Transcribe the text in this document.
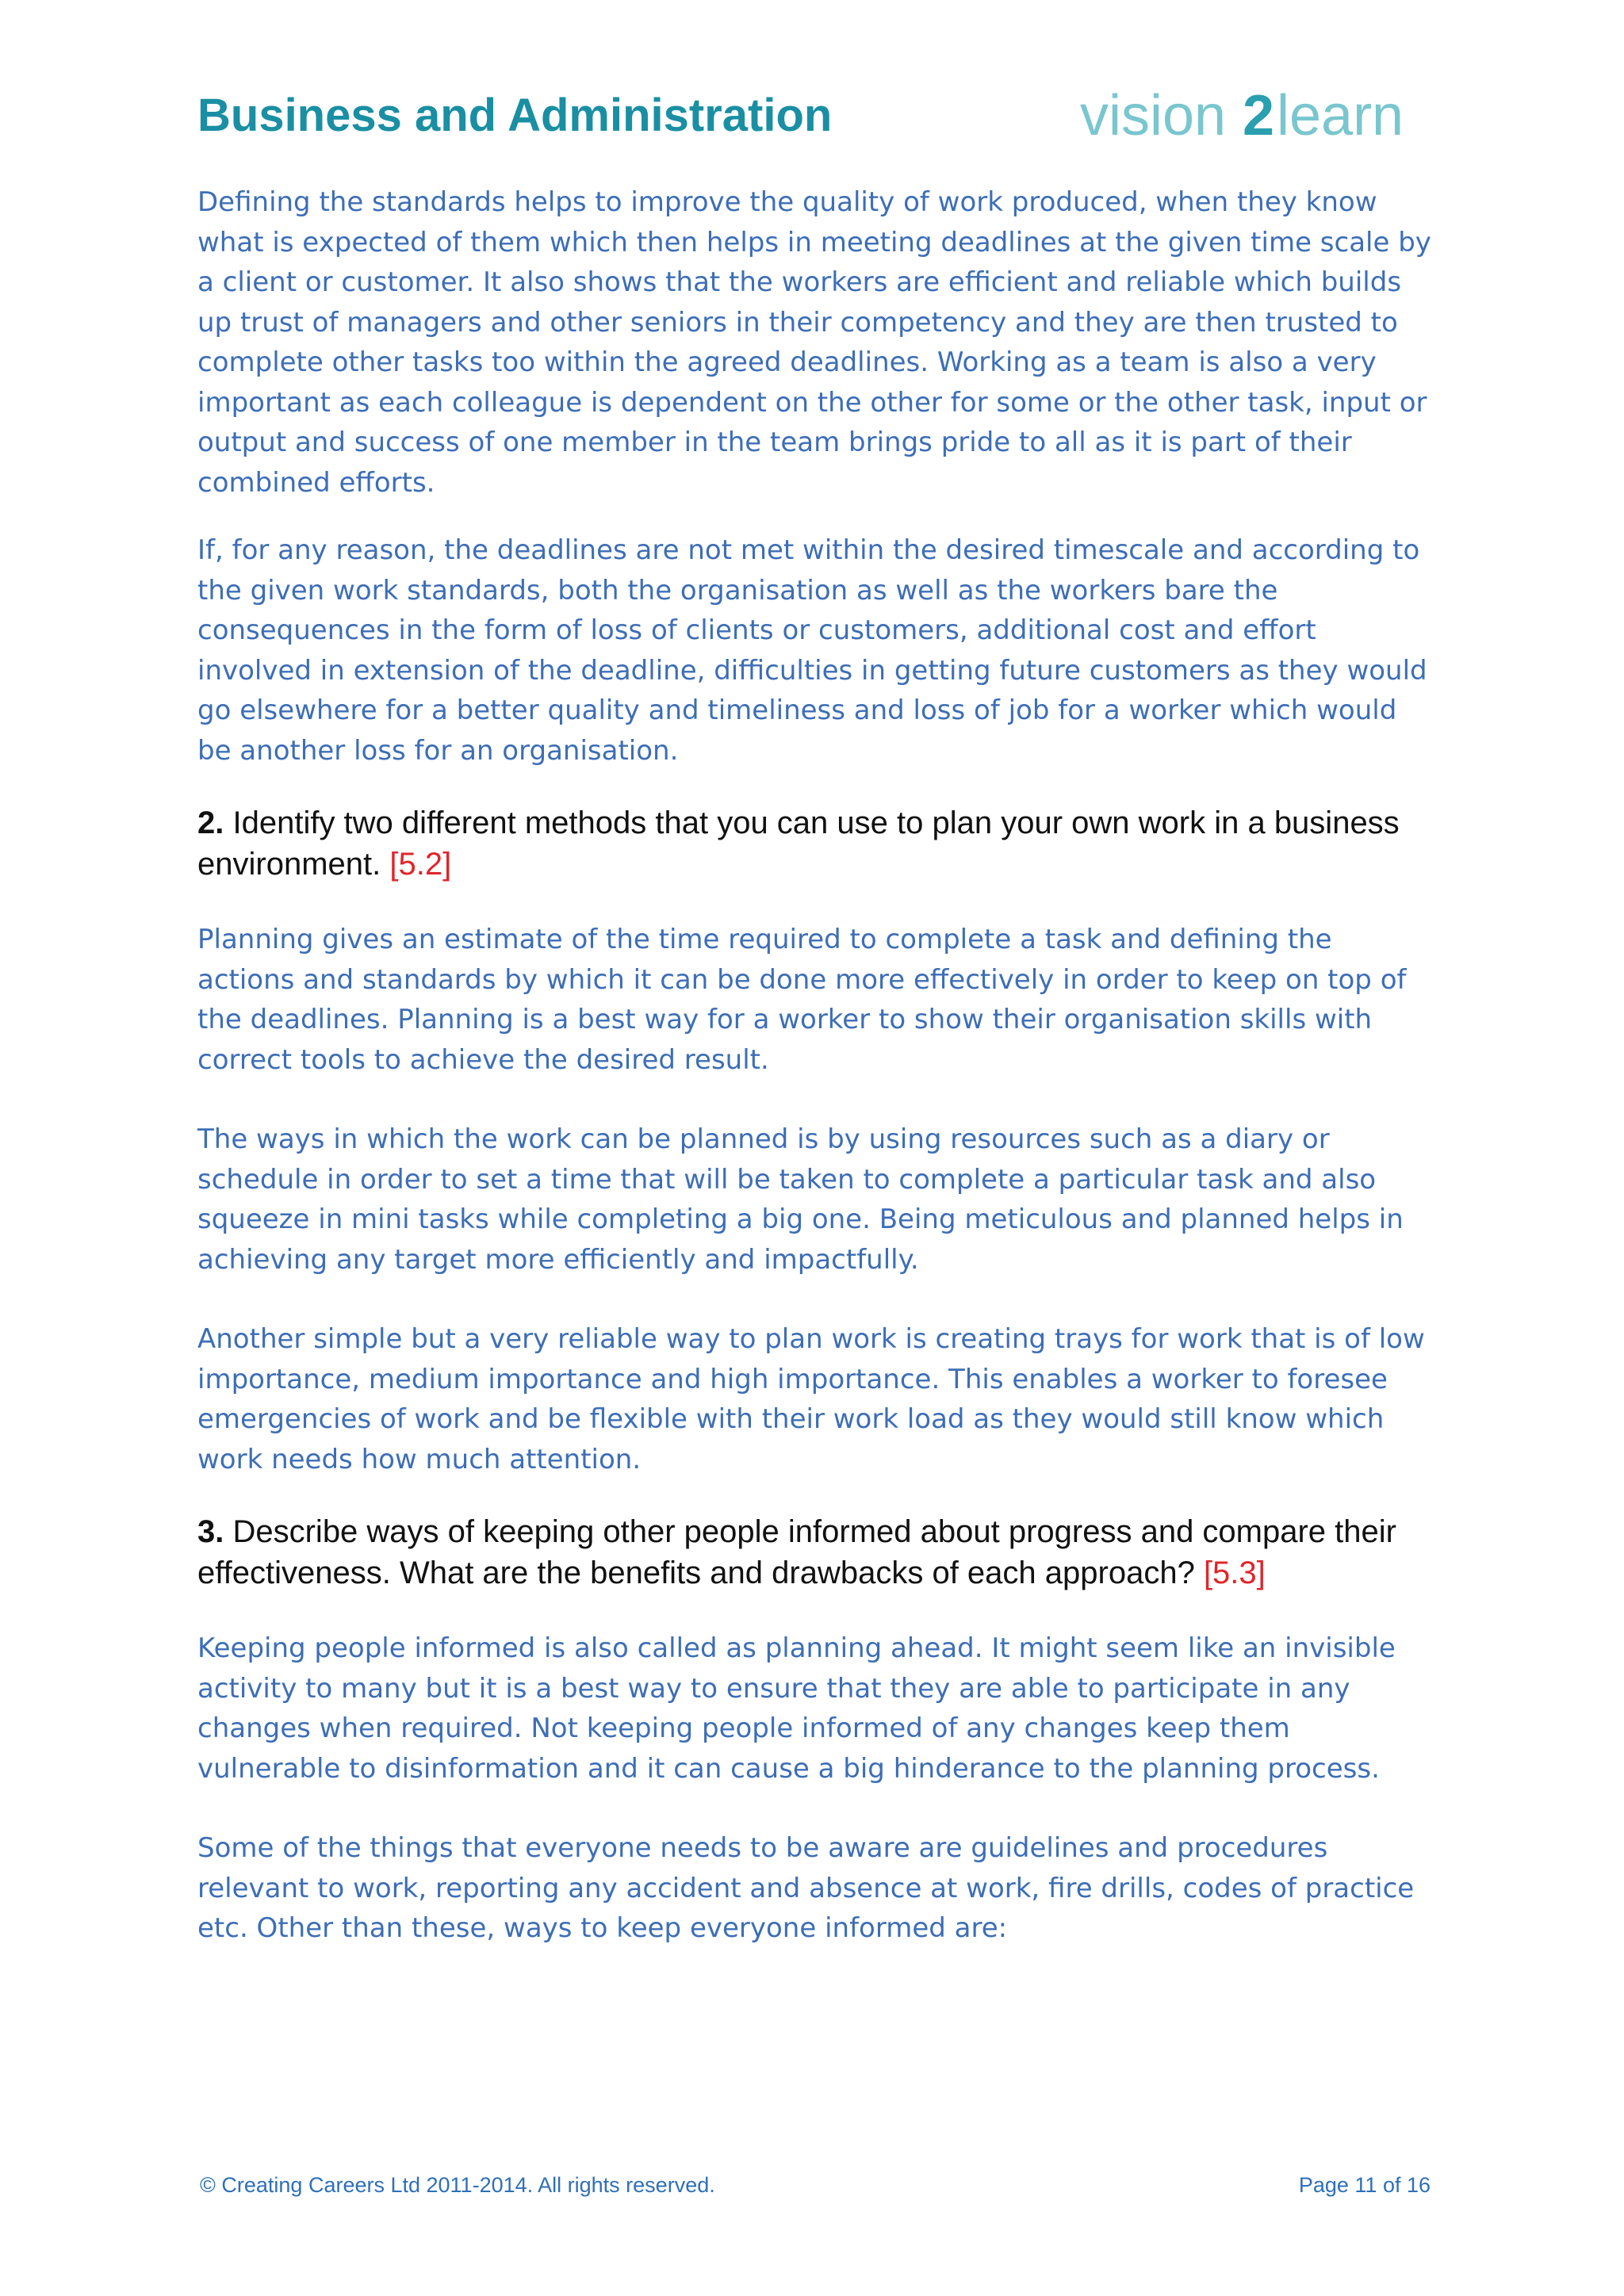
Business and Administration	vision 2 learn

Defining the standards helps to improve the quality of work produced, when they know what is expected of them which then helps in meeting deadlines at the given time scale by a client or customer. It also shows that the workers are efficient and reliable which builds up trust of managers and other seniors in their competency and they are then trusted to complete other tasks too within the agreed deadlines. Working as a team is also a very important as each colleague is dependent on the other for some or the other task, input or output and success of one member in the team brings pride to all as it is part of their combined efforts.

If, for any reason, the deadlines are not met within the desired timescale and according to the given work standards, both the organisation as well as the workers bare the consequences in the form of loss of clients or customers, additional cost and effort involved in extension of the deadline, difficulties in getting future customers as they would go elsewhere for a better quality and timeliness and loss of job for a worker which would be another loss for an organisation.

2. Identify two different methods that you can use to plan your own work in a business environment. [5.2]

Planning gives an estimate of the time required to complete a task and defining the actions and standards by which it can be done more effectively in order to keep on top of the deadlines. Planning is a best way for a worker to show their organisation skills with correct tools to achieve the desired result.

The ways in which the work can be planned is by using resources such as a diary or schedule in order to set a time that will be taken to complete a particular task and also squeeze in mini tasks while completing a big one. Being meticulous and planned helps in achieving any target more efficiently and impactfully.

Another simple but a very reliable way to plan work is creating trays for work that is of low importance, medium importance and high importance. This enables a worker to foresee emergencies of work and be flexible with their work load as they would still know which work needs how much attention.

3. Describe ways of keeping other people informed about progress and compare their effectiveness. What are the benefits and drawbacks of each approach? [5.3]

Keeping people informed is also called as planning ahead. It might seem like an invisible activity to many but it is a best way to ensure that they are able to participate in any changes when required. Not keeping people informed of any changes keep them vulnerable to disinformation and it can cause a big hinderance to the planning process.

Some of the things that everyone needs to be aware are guidelines and procedures relevant to work, reporting any accident and absence at work, fire drills, codes of practice etc. Other than these, ways to keep everyone informed are:

© Creating Careers Ltd 2011-2014. All rights reserved.	Page 11 of 16
